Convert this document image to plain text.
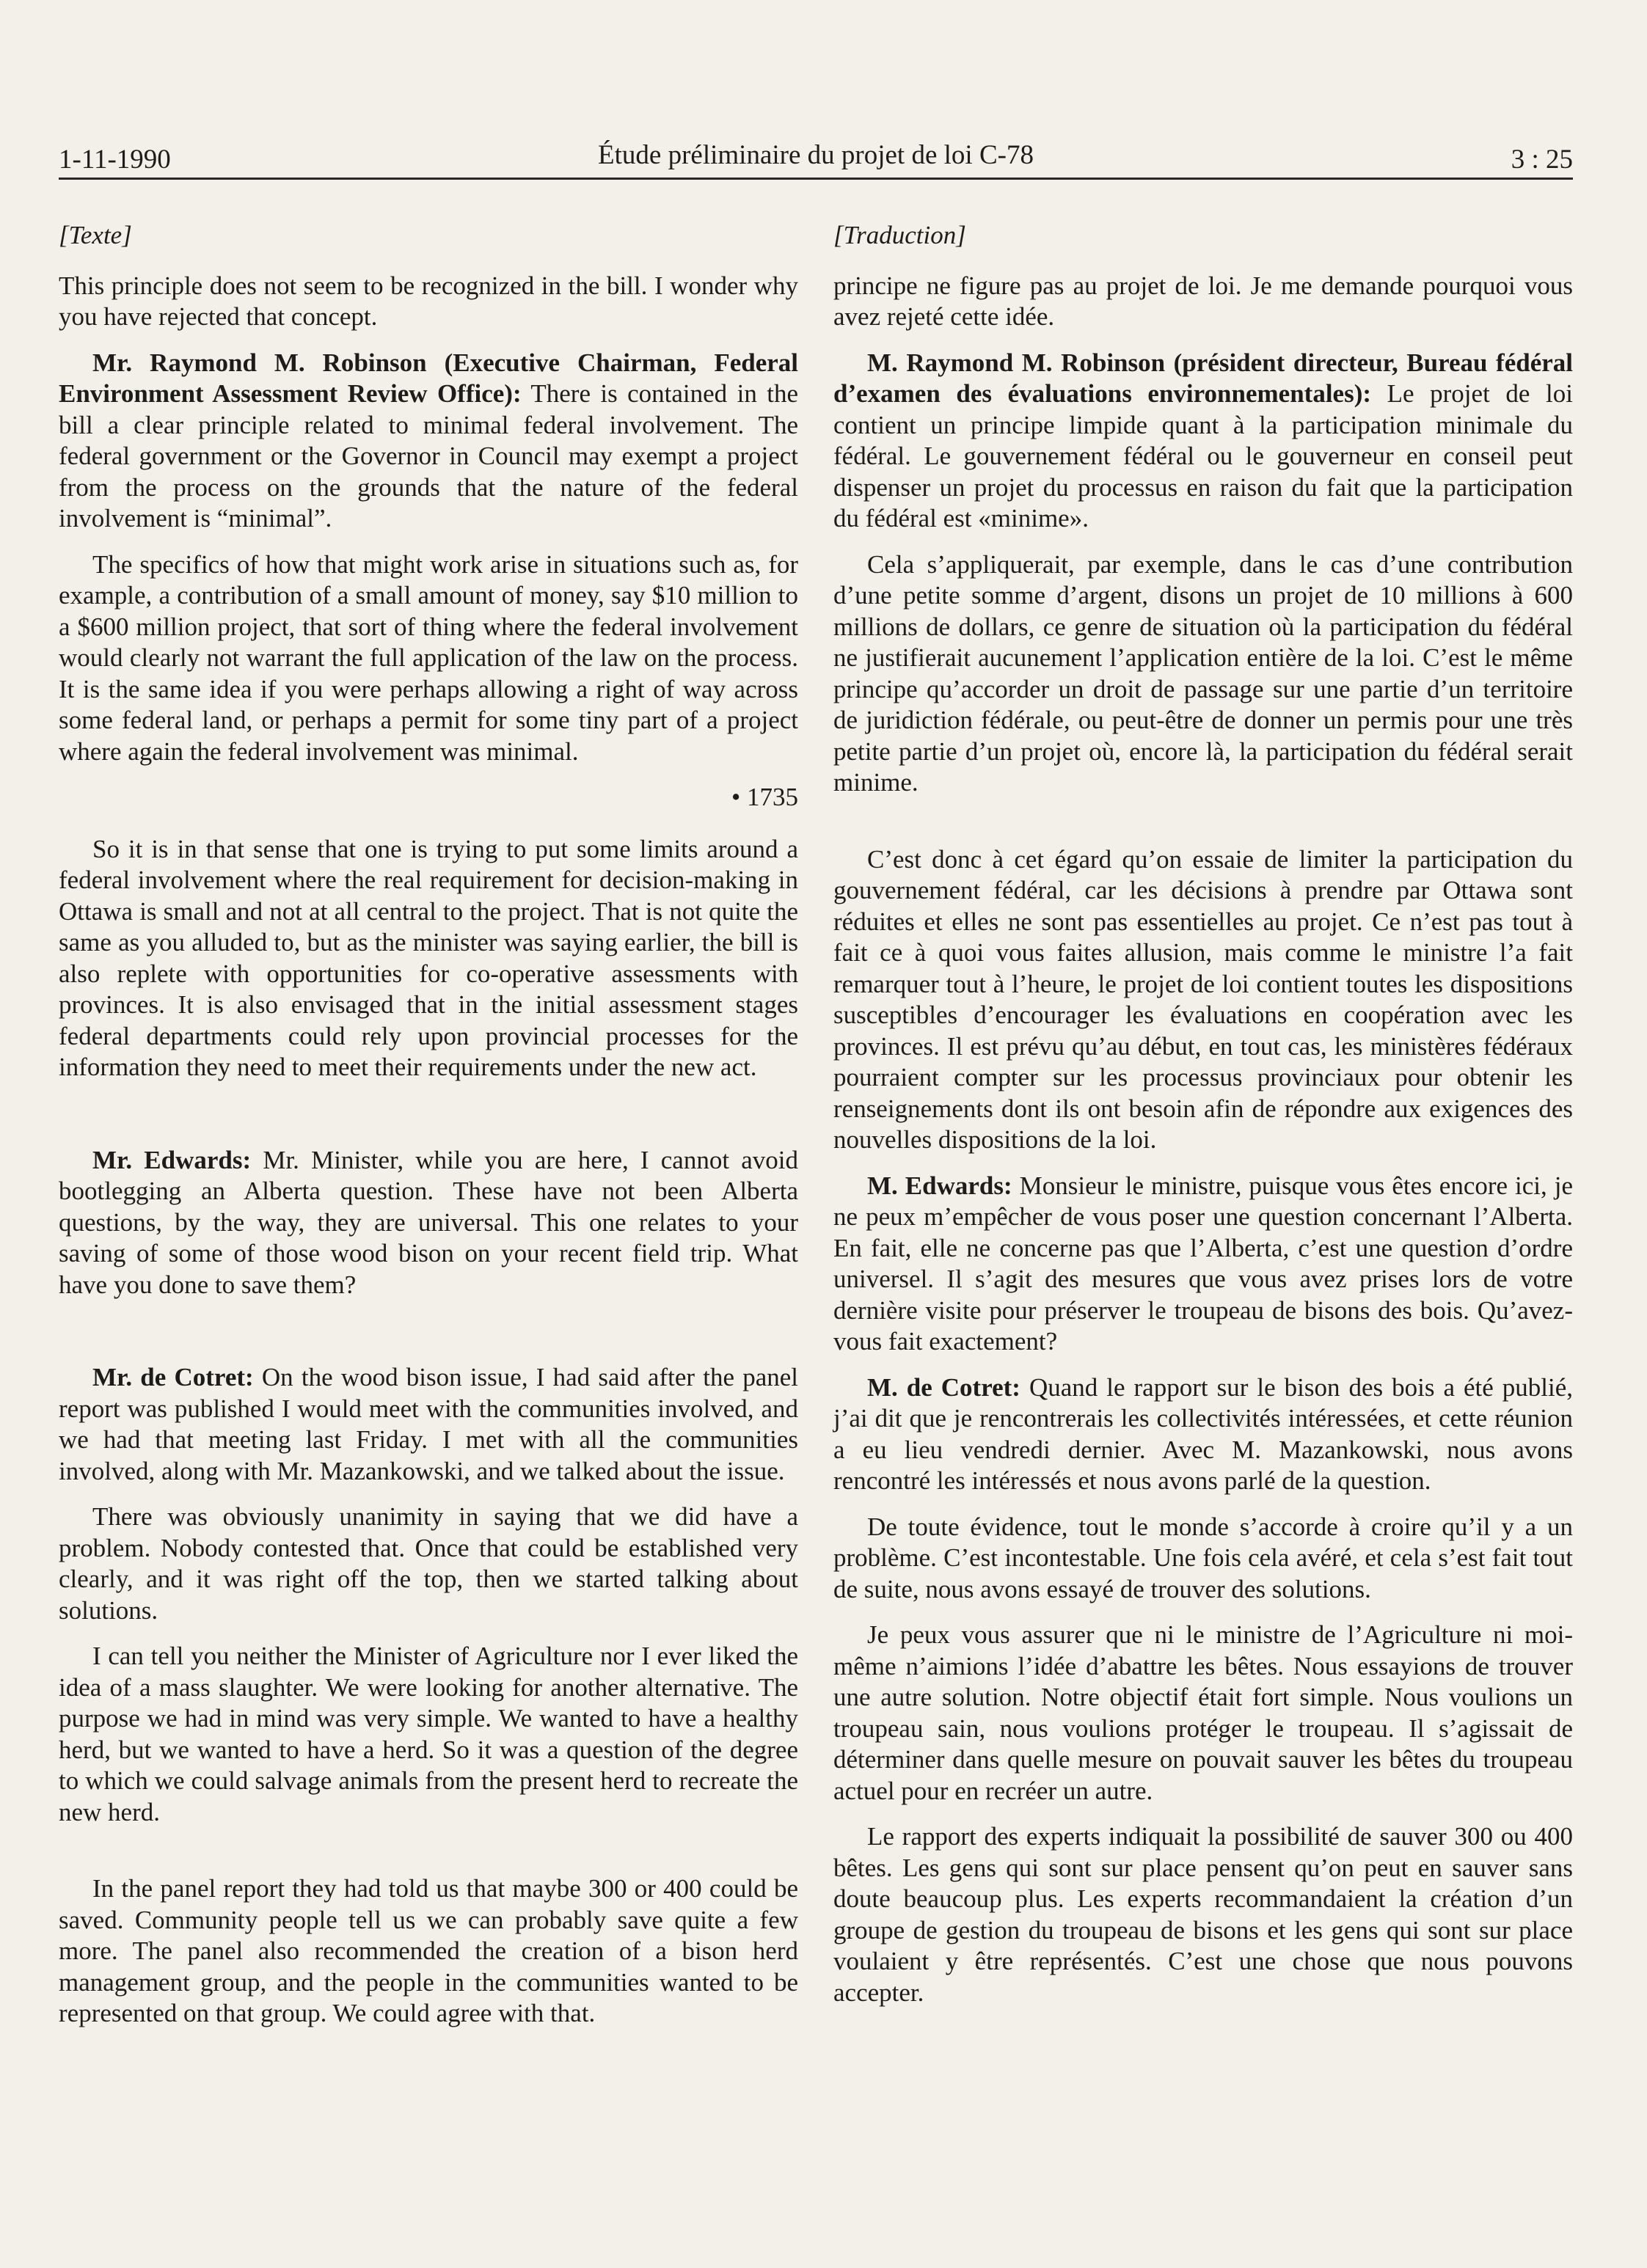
1-11-1990	Étude préliminaire du projet de loi C-78	3 : 25
[Texte]
This principle does not seem to be recognized in the bill. I wonder why you have rejected that concept.
Mr. Raymond M. Robinson (Executive Chairman, Federal Environment Assessment Review Office): There is contained in the bill a clear principle related to minimal federal involvement. The federal government or the Governor in Council may exempt a project from the process on the grounds that the nature of the federal involvement is “minimal”.
The specifics of how that might work arise in situations such as, for example, a contribution of a small amount of money, say $10 million to a $600 million project, that sort of thing where the federal involvement would clearly not warrant the full application of the law on the process. It is the same idea if you were perhaps allowing a right of way across some federal land, or perhaps a permit for some tiny part of a project where again the federal involvement was minimal.
• 1735
So it is in that sense that one is trying to put some limits around a federal involvement where the real requirement for decision-making in Ottawa is small and not at all central to the project. That is not quite the same as you alluded to, but as the minister was saying earlier, the bill is also replete with opportunities for co-operative assessments with provinces. It is also envisaged that in the initial assessment stages federal departments could rely upon provincial processes for the information they need to meet their requirements under the new act.
Mr. Edwards: Mr. Minister, while you are here, I cannot avoid bootlegging an Alberta question. These have not been Alberta questions, by the way, they are universal. This one relates to your saving of some of those wood bison on your recent field trip. What have you done to save them?
Mr. de Cotret: On the wood bison issue, I had said after the panel report was published I would meet with the communities involved, and we had that meeting last Friday. I met with all the communities involved, along with Mr. Mazankowski, and we talked about the issue.
There was obviously unanimity in saying that we did have a problem. Nobody contested that. Once that could be established very clearly, and it was right off the top, then we started talking about solutions.
I can tell you neither the Minister of Agriculture nor I ever liked the idea of a mass slaughter. We were looking for another alternative. The purpose we had in mind was very simple. We wanted to have a healthy herd, but we wanted to have a herd. So it was a question of the degree to which we could salvage animals from the present herd to recreate the new herd.
In the panel report they had told us that maybe 300 or 400 could be saved. Community people tell us we can probably save quite a few more. The panel also recommended the creation of a bison herd management group, and the people in the communities wanted to be represented on that group. We could agree with that.
[Traduction]
principe ne figure pas au projet de loi. Je me demande pourquoi vous avez rejeté cette idée.
M. Raymond M. Robinson (président directeur, Bureau fédéral d’examen des évaluations environnementales): Le projet de loi contient un principe limpide quant à la participation minimale du fédéral. Le gouvernement fédéral ou le gouverneur en conseil peut dispenser un projet du processus en raison du fait que la participation du fédéral est «minime».
Cela s’appliquerait, par exemple, dans le cas d’une contribution d’une petite somme d’argent, disons un projet de 10 millions à 600 millions de dollars, ce genre de situation où la participation du fédéral ne justifierait aucunement l’application entière de la loi. C’est le même principe qu’accorder un droit de passage sur une partie d’un territoire de juridiction fédérale, ou peut-être de donner un permis pour une très petite partie d’un projet où, encore là, la participation du fédéral serait minime.
C’est donc à cet égard qu’on essaie de limiter la participation du gouvernement fédéral, car les décisions à prendre par Ottawa sont réduites et elles ne sont pas essentielles au projet. Ce n’est pas tout à fait ce à quoi vous faites allusion, mais comme le ministre l’a fait remarquer tout à l’heure, le projet de loi contient toutes les dispositions susceptibles d’encourager les évaluations en coopération avec les provinces. Il est prévu qu’au début, en tout cas, les ministères fédéraux pourraient compter sur les processus provinciaux pour obtenir les renseignements dont ils ont besoin afin de répondre aux exigences des nouvelles dispositions de la loi.
M. Edwards: Monsieur le ministre, puisque vous êtes encore ici, je ne peux m’empêcher de vous poser une question concernant l’Alberta. En fait, elle ne concerne pas que l’Alberta, c’est une question d’ordre universel. Il s’agit des mesures que vous avez prises lors de votre dernière visite pour préserver le troupeau de bisons des bois. Qu’avez-vous fait exactement?
M. de Cotret: Quand le rapport sur le bison des bois a été publié, j’ai dit que je rencontrerais les collectivités intéressées, et cette réunion a eu lieu vendredi dernier. Avec M. Mazankowski, nous avons rencontré les intéressés et nous avons parlé de la question.
De toute évidence, tout le monde s’accorde à croire qu’il y a un problème. C’est incontestable. Une fois cela avéré, et cela s’est fait tout de suite, nous avons essayé de trouver des solutions.
Je peux vous assurer que ni le ministre de l’Agriculture ni moi-même n’aimions l’idée d’abattre les bêtes. Nous essayions de trouver une autre solution. Notre objectif était fort simple. Nous voulions un troupeau sain, nous voulions protéger le troupeau. Il s’agissait de déterminer dans quelle mesure on pouvait sauver les bêtes du troupeau actuel pour en recréer un autre.
Le rapport des experts indiquait la possibilité de sauver 300 ou 400 bêtes. Les gens qui sont sur place pensent qu’on peut en sauver sans doute beaucoup plus. Les experts recommandaient la création d’un groupe de gestion du troupeau de bisons et les gens qui sont sur place voulaient y être représentés. C’est une chose que nous pouvons accepter.
